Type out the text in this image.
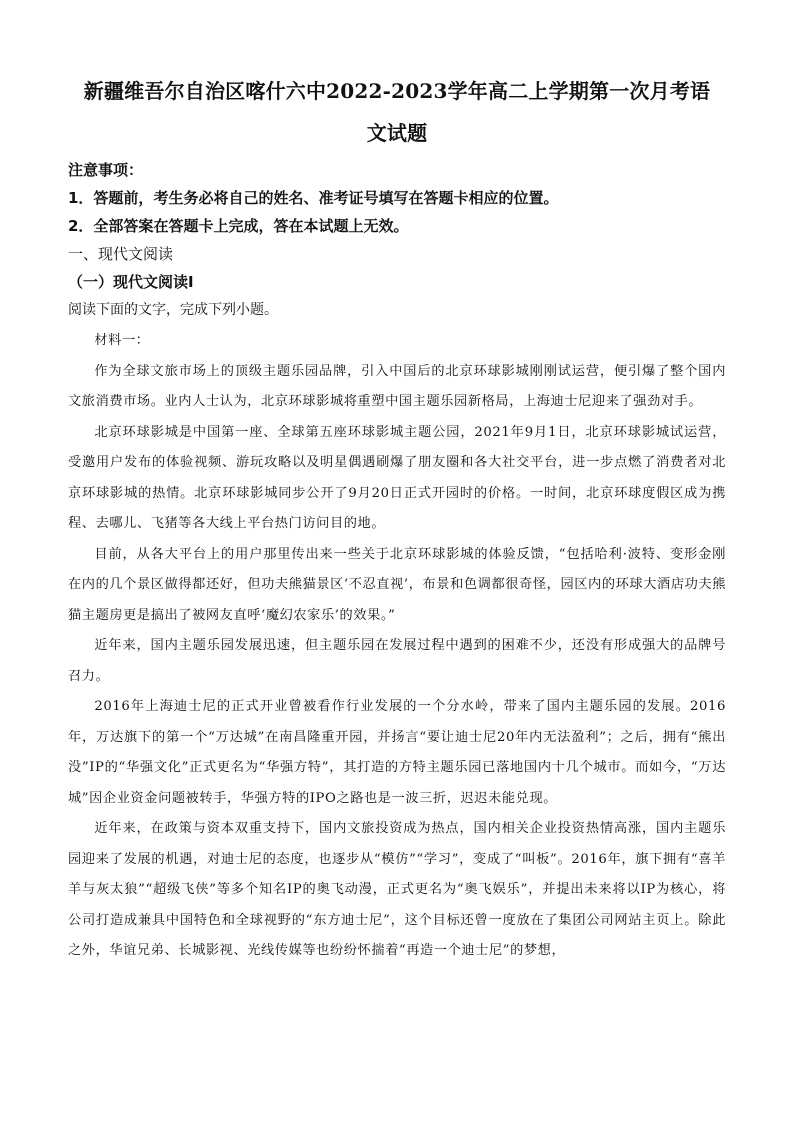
新疆维吾尔自治区喀什六中2022-2023学年高二上学期第一次月考语
文试题

注意事项：

1．答题前，考生务必将自己的姓名、准考证号填写在答题卡相应的位置。

2．全部答案在答题卡上完成，答在本试题上无效。

一、现代文阅读

（一）现代文阅读Ⅰ

阅读下面的文字，完成下列小题。

材料一：

作为全球文旅市场上的顶级主题乐园品牌，引入中国后的北京环球影城刚刚试运营，便引爆了整个国内文旅消费市场。业内人士认为，北京环球影城将重塑中国主题乐园新格局，上海迪士尼迎来了强劲对手。

北京环球影城是中国第一座、全球第五座环球影城主题公园，2021年9月1日，北京环球影城试运营，受邀用户发布的体验视频、游玩攻略以及明星偶遇刷爆了朋友圈和各大社交平台，进一步点燃了消费者对北京环球影城的热情。北京环球影城同步公开了9月20日正式开园时的价格。一时间，北京环球度假区成为携程、去哪儿、飞猪等各大线上平台热门访问目的地。

目前，从各大平台上的用户那里传出来一些关于北京环球影城的体验反馈，“包括哈利·波特、变形金刚在内的几个景区做得都还好，但功夫熊猫景区‘不忍直视’，布景和色调都很奇怪，园区内的环球大酒店功夫熊猫主题房更是搞出了被网友直呼‘魔幻农家乐’的效果。”

近年来，国内主题乐园发展迅速，但主题乐园在发展过程中遇到的困难不少，还没有形成强大的品牌号召力。

2016年上海迪士尼的正式开业曾被看作行业发展的一个分水岭，带来了国内主题乐园的发展。2016年，万达旗下的第一个“万达城”在南昌隆重开园，并扬言“要让迪士尼20年内无法盈利”；之后，拥有“熊出没”IP的“华强文化”正式更名为“华强方特”，其打造的方特主题乐园已落地国内十几个城市。而如今，“万达城”因企业资金问题被转手，华强方特的IPO之路也是一波三折，迟迟未能兑现。

近年来，在政策与资本双重支持下，国内文旅投资成为热点，国内相关企业投资热情高涨，国内主题乐园迎来了发展的机遇，对迪士尼的态度，也逐步从“模仿”“学习”，变成了“叫板”。2016年，旗下拥有“喜羊羊与灰太狼”“超级飞侠”等多个知名IP的奥飞动漫，正式更名为“奥飞娱乐”，并提出未来将以IP为核心，将公司打造成兼具中国特色和全球视野的“东方迪士尼”，这个目标还曾一度放在了集团公司网站主页上。除此之外，华谊兄弟、长城影视、光线传媒等也纷纷怀揣着“再造一个迪士尼”的梦想，
